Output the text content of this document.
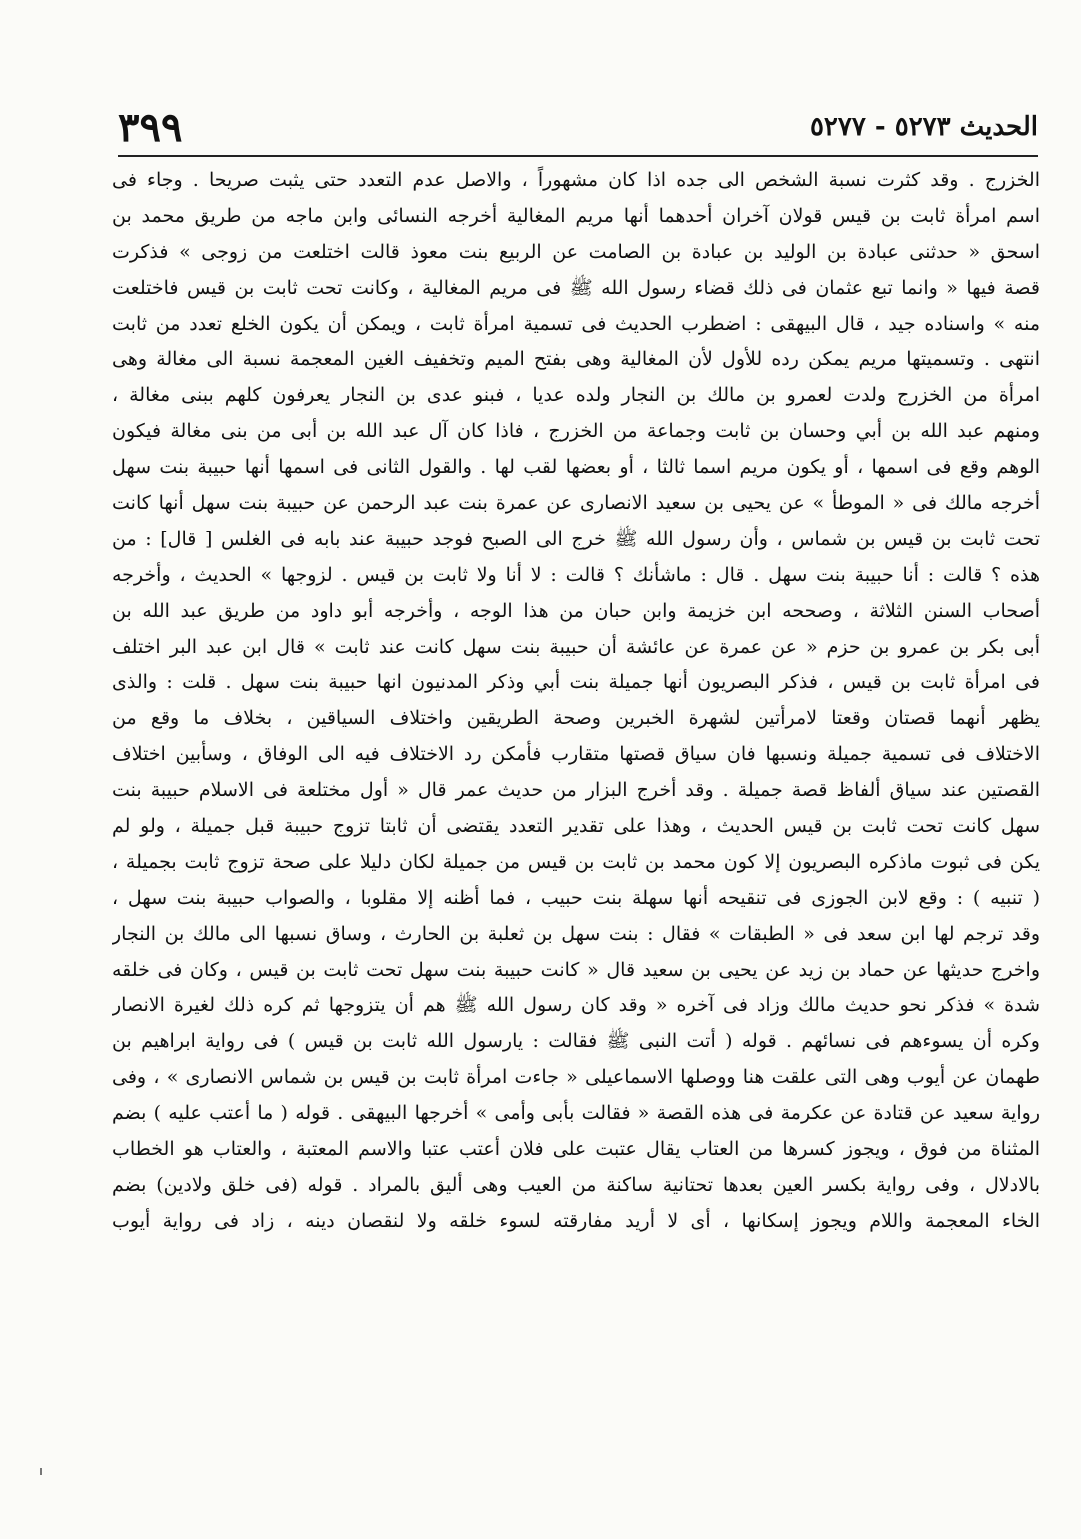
الحديث ٥٢٧٣ - ٥٢٧٧
٣٩٩
الخزرج . وقد كثرت نسبة الشخص الى جده اذا كان مشهوراً ، والاصل عدم التعدد حتى يثبت صريحا . وجاء فى
اسم امرأة ثابت بن قيس قولان آخران أحدهما أنها مريم المغالية أخرجه النسائى وابن ماجه من طريق محمد بن
اسحق « حدثنى عبادة بن الوليد بن عبادة بن الصامت عن الربيع بنت معوذ قالت اختلعت من زوجى » فذكرت
قصة فيها « وانما تبع عثمان فى ذلك قضاء رسول الله ﷺ فى مريم المغالية ، وكانت تحت ثابت بن قيس فاختلعت
منه » واسناده جيد ، قال البيهقى : اضطرب الحديث فى تسمية امرأة ثابت ، ويمكن أن يكون الخلع تعدد من ثابت
انتهى . وتسميتها مريم يمكن رده للأول لأن المغالية وهى بفتح الميم وتخفيف الغين المعجمة نسبة الى مغالة وهى
امرأة من الخزرج ولدت لعمرو بن مالك بن النجار ولده عديا ، فبنو عدى بن النجار يعرفون كلهم ببنى مغالة ،
ومنهم عبد الله بن أبي وحسان بن ثابت وجماعة من الخزرج ، فاذا كان آل عبد الله بن أبى من بنى مغالة فيكون
الوهم وقع فى اسمها ، أو يكون مريم اسما ثالثا ، أو بعضها لقب لها . والقول الثانى فى اسمها أنها حبيبة بنت سهل
أخرجه مالك فى « الموطأ » عن يحيى بن سعيد الانصارى عن عمرة بنت عبد الرحمن عن حبيبة بنت سهل أنها كانت
تحت ثابت بن قيس بن شماس ، وأن رسول الله ﷺ خرج الى الصبح فوجد حبيبة عند بابه فى الغلس [ قال] : من
هذه ؟ قالت : أنا حبيبة بنت سهل . قال : ماشأنك ؟ قالت : لا أنا ولا ثابت بن قيس . لزوجها » الحديث ، وأخرجه
أصحاب السنن الثلاثة ، وصححه ابن خزيمة وابن حبان من هذا الوجه ، وأخرجه أبو داود من طريق عبد الله بن
أبى بكر بن عمرو بن حزم « عن عمرة عن عائشة أن حبيبة بنت سهل كانت عند ثابت » قال ابن عبد البر اختلف
فى امرأة ثابت بن قيس ، فذكر البصريون أنها جميلة بنت أبي وذكر المدنيون انها حبيبة بنت سهل . قلت : والذى
يظهر أنهما قصتان وقعتا لامرأتين لشهرة الخبرين وصحة الطريقين واختلاف السياقين ، بخلاف ما وقع من
الاختلاف فى تسمية جميلة ونسبها فان سياق قصتها متقارب فأمكن رد الاختلاف فيه الى الوفاق ، وسأبين اختلاف
القصتين عند سياق ألفاظ قصة جميلة . وقد أخرج البزار من حديث عمر قال « أول مختلعة فى الاسلام حبيبة بنت
سهل كانت تحت ثابت بن قيس الحديث ، وهذا على تقدير التعدد يقتضى أن ثابتا تزوج حبيبة قبل جميلة ، ولو لم
يكن فى ثبوت ماذكره البصريون إلا كون محمد بن ثابت بن قيس من جميلة لكان دليلا على صحة تزوج ثابت بجميلة ،
( تنبيه ) : وقع لابن الجوزى فى تنقيحه أنها سهلة بنت حبيب ، فما أظنه إلا مقلوبا ، والصواب حبيبة بنت سهل ،
وقد ترجم لها ابن سعد فى « الطبقات » فقال : بنت سهل بن ثعلبة بن الحارث ، وساق نسبها الى مالك بن النجار
واخرج حديثها عن حماد بن زيد عن يحيى بن سعيد قال « كانت حبيبة بنت سهل تحت ثابت بن قيس ، وكان فى خلقه
شدة » فذكر نحو حديث مالك وزاد فى آخره « وقد كان رسول الله ﷺ هم أن يتزوجها ثم كره ذلك لغيرة الانصار
وكره أن يسوءهم فى نسائهم . قوله ( أتت النبى ﷺ فقالت : يارسول الله ثابت بن قيس ) فى رواية ابراهيم بن
طهمان عن أيوب وهى التى علقت هنا ووصلها الاسماعيلى « جاءت امرأة ثابت بن قيس بن شماس الانصارى » ، وفى
رواية سعيد عن قتادة عن عكرمة فى هذه القصة « فقالت بأبى وأمى » أخرجها البيهقى . قوله ( ما أعتب عليه ) بضم
المثناة من فوق ، ويجوز كسرها من العتاب يقال عتبت على فلان أعتب عتبا والاسم المعتبة ، والعتاب هو الخطاب
بالادلال ، وفى رواية بكسر العين بعدها تحتانية ساكنة من العيب وهى أليق بالمراد . قوله (فى خلق ولادين) بضم
الخاء المعجمة واللام ويجوز إسكانها ، أى لا أريد مفارقته لسوء خلقه ولا لنقصان دينه ، زاد فى رواية أيوب
